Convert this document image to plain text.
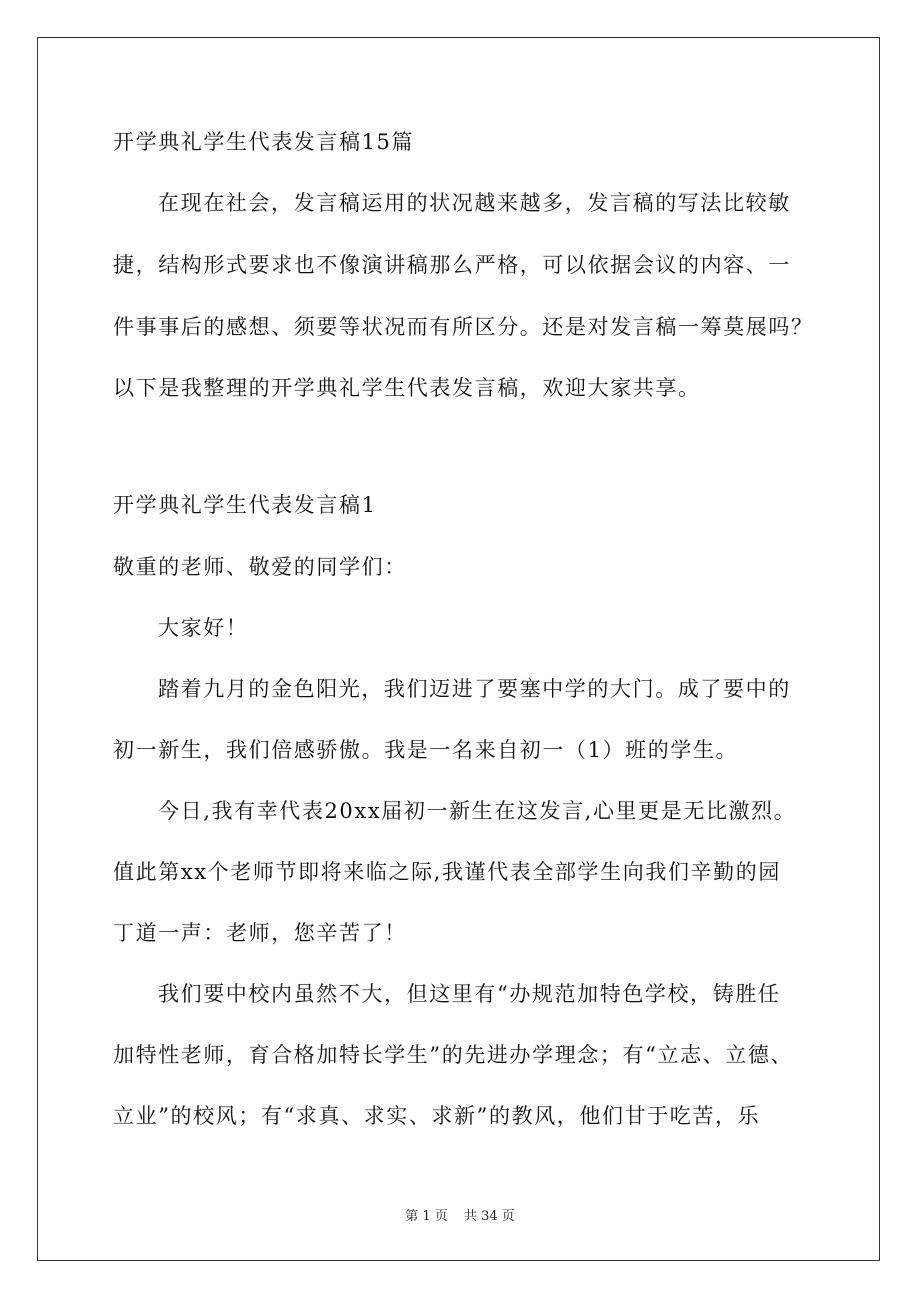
开学典礼学生代表发言稿15篇
在现在社会，发言稿运用的状况越来越多，发言稿的写法比较敏
捷，结构形式要求也不像演讲稿那么严格，可以依据会议的内容、一
件事事后的感想、须要等状况而有所区分。还是对发言稿一筹莫展吗？
以下是我整理的开学典礼学生代表发言稿，欢迎大家共享。
开学典礼学生代表发言稿1
敬重的老师、敬爱的同学们：
大家好！
踏着九月的金色阳光，我们迈进了要塞中学的大门。成了要中的
初一新生，我们倍感骄傲。我是一名来自初一（1）班的学生。
今日,我有幸代表20xx届初一新生在这发言,心里更是无比激烈。
值此第xx个老师节即将来临之际,我谨代表全部学生向我们辛勤的园
丁道一声：老师，您辛苦了！
我们要中校内虽然不大，但这里有“办规范加特色学校，铸胜任
加特性老师，育合格加特长学生”的先进办学理念；有“立志、立德、
立业”的校风；有“求真、求实、求新”的教风，他们甘于吃苦，乐
第 1 页 共 34 页
